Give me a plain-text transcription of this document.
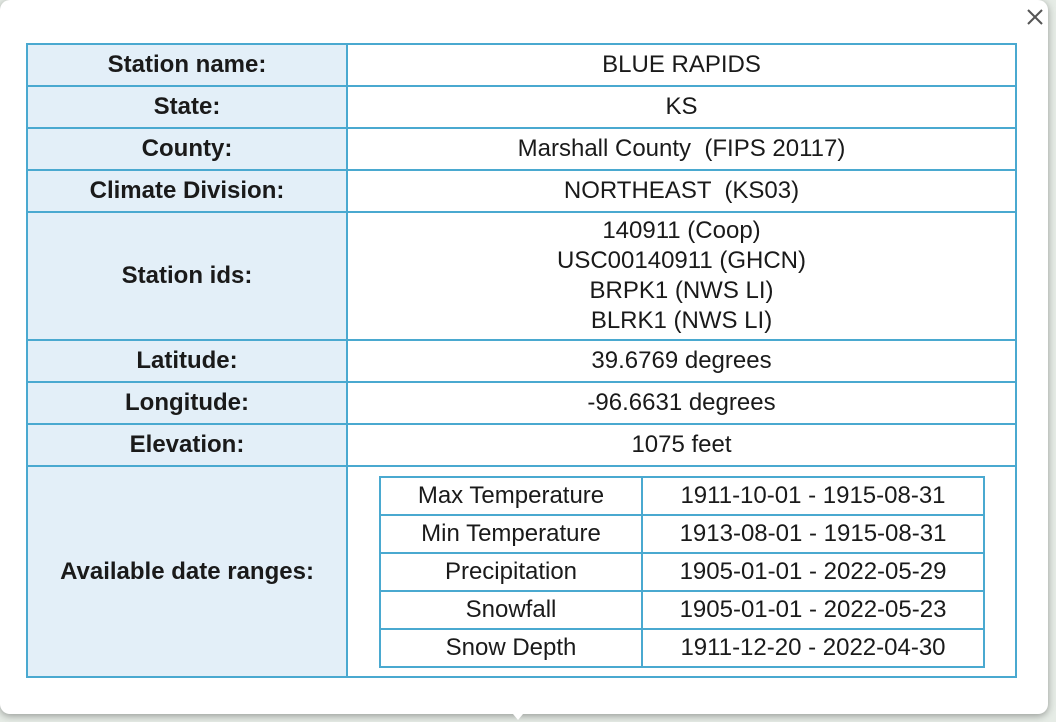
Station name:	BLUE RAPIDS
State:	KS
County:	Marshall County  (FIPS 20117)
Climate Division:	NORTHEAST  (KS03)
Station ids:	
140911 (Coop)
USC00140911 (GHCN)
BRPK1 (NWS LI)
BLRK1 (NWS LI)

Latitude:	39.6769 degrees
Longitude:	-96.6631 degrees
Elevation:	1075 feet
Available date ranges:	
Max Temperature	1911-10-01 - 1915-08-31
Min Temperature	1913-08-01 - 1915-08-31
Precipitation	1905-01-01 - 2022-05-29
Snowfall	1905-01-01 - 2022-05-23
Snow Depth	1911-12-20 - 2022-04-30
